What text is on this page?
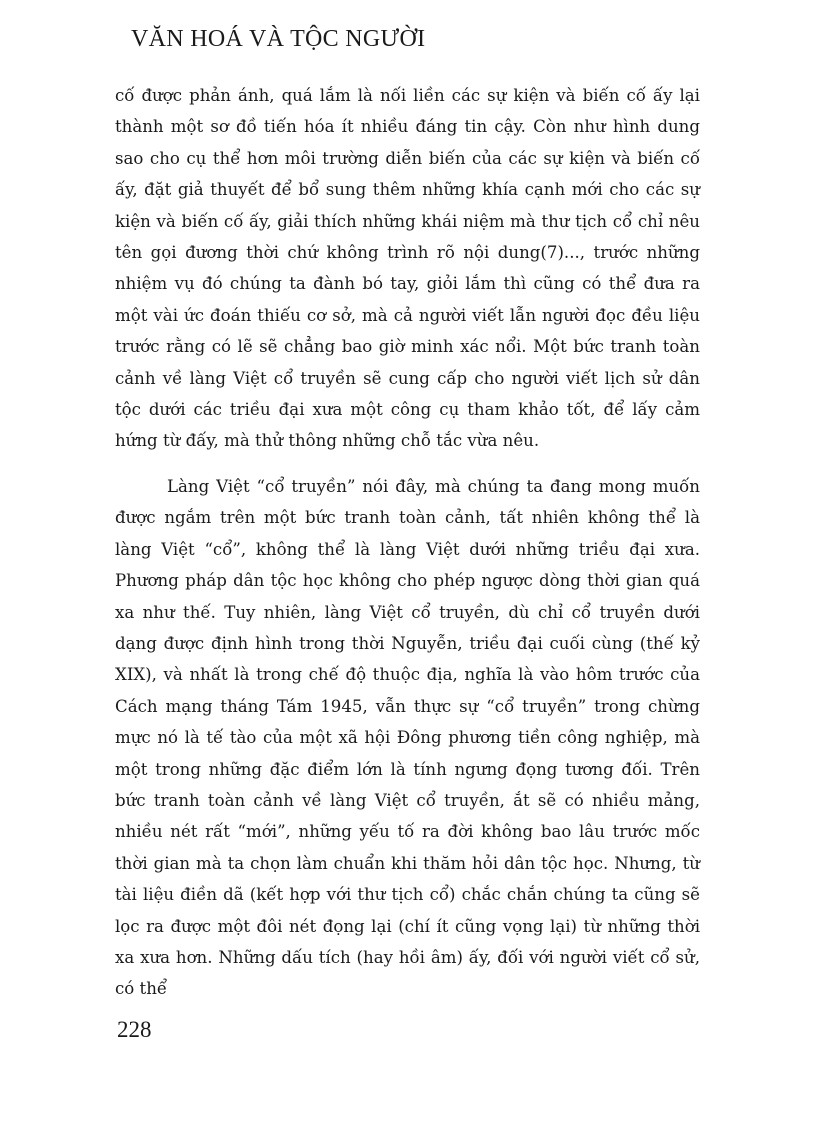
VĂN HOÁ VÀ TỘC NGƯỜI

cố được phản ánh, quá lắm là nối liền các sự kiện và biến cố ấy lại thành một sơ đồ tiến hóa ít nhiều đáng tin cậy. Còn như hình dung sao cho cụ thể hơn môi trường diễn biến của các sự kiện và biến cố ấy, đặt giả thuyết để bổ sung thêm những khía cạnh mới cho các sự kiện và biến cố ấy, giải thích những khái niệm mà thư tịch cổ chỉ nêu tên gọi đương thời chứ không trình rõ nội dung(7)..., trước những nhiệm vụ đó chúng ta đành bó tay, giỏi lắm thì cũng có thể đưa ra một vài ức đoán thiếu cơ sở, mà cả người viết lẫn người đọc đều liệu trước rằng có lẽ sẽ chẳng bao giờ minh xác nổi. Một bức tranh toàn cảnh về làng Việt cổ truyền sẽ cung cấp cho người viết lịch sử dân tộc dưới các triều đại xưa một công cụ tham khảo tốt, để lấy cảm hứng từ đấy, mà thử thông những chỗ tắc vừa nêu.

Làng Việt “cổ truyền” nói đây, mà chúng ta đang mong muốn được ngắm trên một bức tranh toàn cảnh, tất nhiên không thể là làng Việt “cổ”, không thể là làng Việt dưới những triều đại xưa. Phương pháp dân tộc học không cho phép ngược dòng thời gian quá xa như thế. Tuy nhiên, làng Việt cổ truyền, dù chỉ cổ truyền dưới dạng được định hình trong thời Nguyễn, triều đại cuối cùng (thế kỷ XIX), và nhất là trong chế độ thuộc địa, nghĩa là vào hôm trước của Cách mạng tháng Tám 1945, vẫn thực sự “cổ truyền” trong chừng mực nó là tế tào của một xã hội Đông phương tiền công nghiệp, mà một trong những đặc điểm lớn là tính ngưng đọng tương đối. Trên bức tranh toàn cảnh về làng Việt cổ truyền, ắt sẽ có nhiều mảng, nhiều nét rất “mới”, những yếu tố ra đời không bao lâu trước mốc thời gian mà ta chọn làm chuẩn khi thăm hỏi dân tộc học. Nhưng, từ tài liệu điền dã (kết hợp với thư tịch cổ) chắc chắn chúng ta cũng sẽ lọc ra được một đôi nét đọng lại (chí ít cũng vọng lại) từ những thời xa xưa hơn. Những dấu tích (hay hồi âm) ấy, đối với người viết cổ sử, có thể

228
